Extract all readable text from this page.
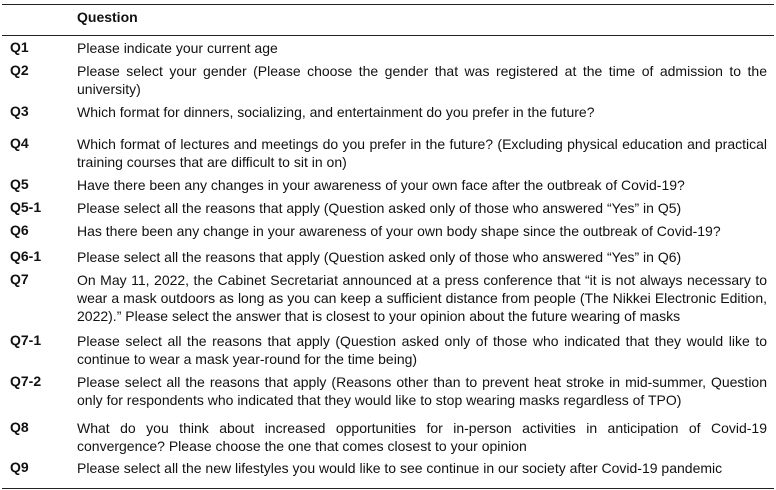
Question
Q1	Please indicate your current age
Q2	Please select your gender (Please choose the gender that was registered at the time of admission to the university)
Q3	Which format for dinners, socializing, and entertainment do you prefer in the future?
Q4	Which format of lectures and meetings do you prefer in the future? (Excluding physical education and practical training courses that are difficult to sit in on)
Q5	Have there been any changes in your awareness of your own face after the outbreak of Covid-19?
Q5-1	Please select all the reasons that apply (Question asked only of those who answered “Yes” in Q5)
Q6	Has there been any change in your awareness of your own body shape since the outbreak of Covid-19?
Q6-1	Please select all the reasons that apply (Question asked only of those who answered “Yes” in Q6)
Q7	On May 11, 2022, the Cabinet Secretariat announced at a press conference that “it is not always necessary to wear a mask outdoors as long as you can keep a sufficient distance from people (The Nikkei Electronic Edition, 2022).” Please select the answer that is closest to your opinion about the future wearing of masks
Q7-1	Please select all the reasons that apply (Question asked only of those who indicated that they would like to continue to wear a mask year-round for the time being)
Q7-2	Please select all the reasons that apply (Reasons other than to prevent heat stroke in mid-summer, Question only for respondents who indicated that they would like to stop wearing masks regardless of TPO)
Q8	What do you think about increased opportunities for in-person activities in anticipation of Covid-19 convergence? Please choose the one that comes closest to your opinion
Q9	Please select all the new lifestyles you would like to see continue in our society after Covid-19 pandemic
